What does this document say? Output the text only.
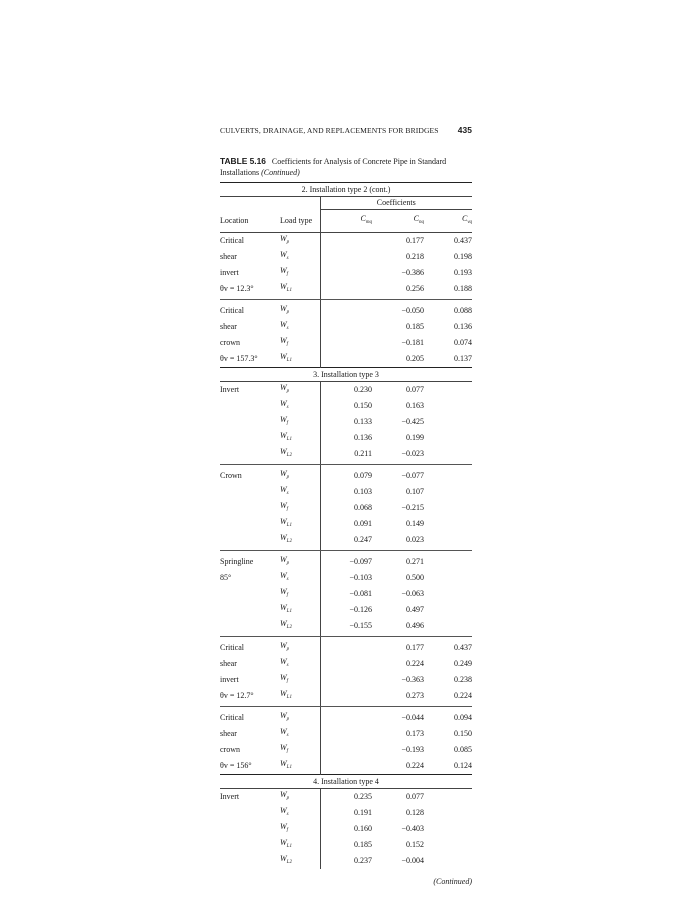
CULVERTS, DRAINAGE, AND REPLACEMENTS FOR BRIDGES 435
TABLE 5.16 Coefficients for Analysis of Concrete Pipe in Standard Installations (Continued)
2. Installation type 2 (cont.)				
		Coefficients		
Location	Load type	$C_{mq}$	$C_{nq}$	$C_{vq}$
Critical	$W_p$		0.177	0.437
shear	$W_s$		0.218	0.198
invert	$W_f$		−0.386	0.193
θv = 12.3°	$W_{L1}$		0.256	0.188
Critical	$W_p$		−0.050	0.088
shear	$W_s$		0.185	0.136
crown	$W_f$		−0.181	0.074
θv = 157.3°	$W_{L1}$		0.205	0.137
3. Installation type 3				
Invert	$W_p$	0.230	0.077	
	$W_s$	0.150	0.163	
	$W_f$	0.133	−0.425	
	$W_{L1}$	0.136	0.199	
	$W_{L2}$	0.211	−0.023	
Crown	$W_p$	0.079	−0.077	
	$W_s$	0.103	0.107	
	$W_f$	0.068	−0.215	
	$W_{L1}$	0.091	0.149	
	$W_{L2}$	0.247	0.023	
Springline	$W_p$	−0.097	0.271	
85°	$W_s$	−0.103	0.500	
	$W_f$	−0.081	−0.063	
	$W_{L1}$	−0.126	0.497	
	$W_{L2}$	−0.155	0.496	
Critical	$W_p$		0.177	0.437
shear	$W_s$		0.224	0.249
invert	$W_f$		−0.363	0.238
θv = 12.7°	$W_{L1}$		0.273	0.224
Critical	$W_p$		−0.044	0.094
shear	$W_s$		0.173	0.150
crown	$W_f$		−0.193	0.085
θv = 156°	$W_{L1}$		0.224	0.124
4. Installation type 4				
Invert	$W_p$	0.235	0.077	
	$W_s$	0.191	0.128	
	$W_f$	0.160	−0.403	
	$W_{L1}$	0.185	0.152	
	$W_{L2}$	0.237	−0.004	
(Continued)
